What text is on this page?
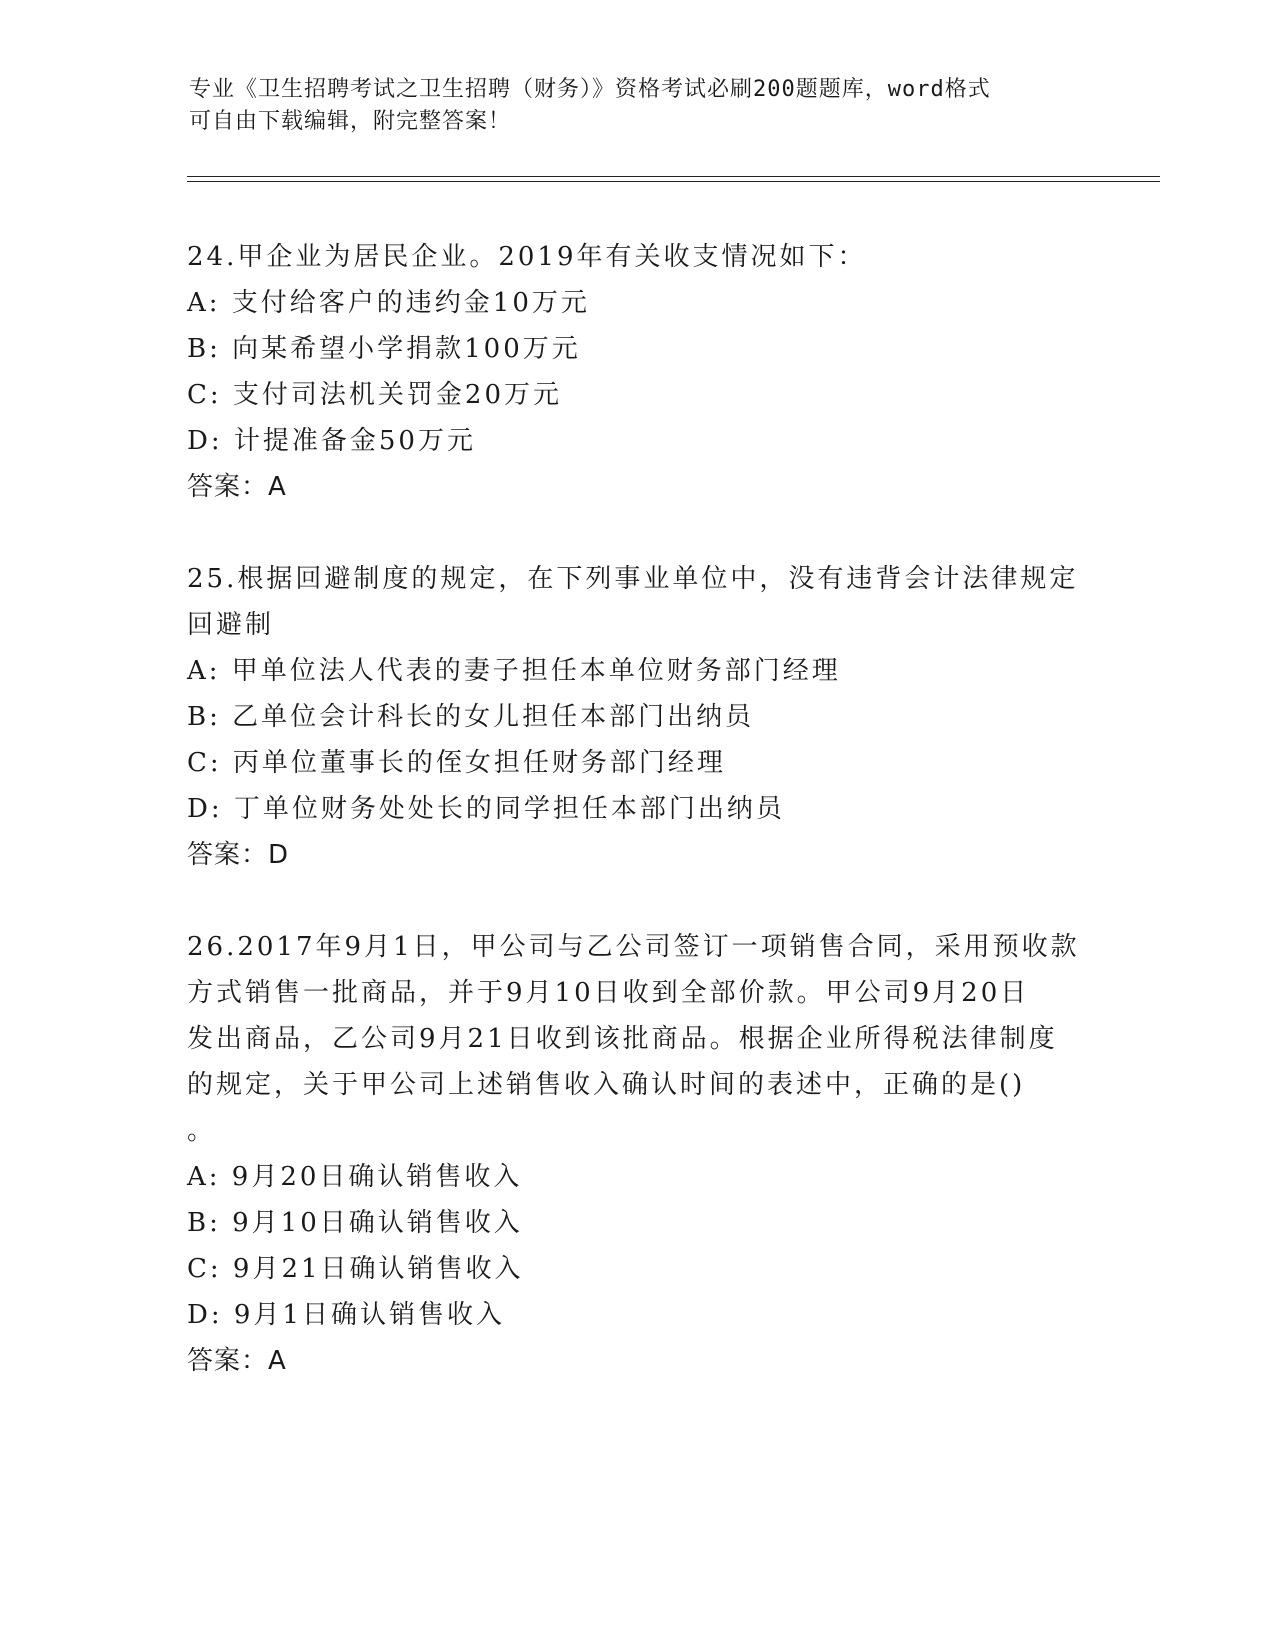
专业《卫生招聘考试之卫生招聘（财务）》资格考试必刷200题题库，word格式
可自由下载编辑，附完整答案！
24.甲企业为居民企业。2019年有关收支情况如下：
A: 支付给客户的违约金10万元
B: 向某希望小学捐款100万元
C: 支付司法机关罚金20万元
D: 计提准备金50万元
答案：A
25.根据回避制度的规定，在下列事业单位中，没有违背会计法律规定
回避制
A: 甲单位法人代表的妻子担任本单位财务部门经理
B: 乙单位会计科长的女儿担任本部门出纳员
C: 丙单位董事长的侄女担任财务部门经理
D: 丁单位财务处处长的同学担任本部门出纳员
答案：D
26.2017年9月1日，甲公司与乙公司签订一项销售合同，采用预收款
方式销售一批商品，并于9月10日收到全部价款。甲公司9月20日
发出商品，乙公司9月21日收到该批商品。根据企业所得税法律制度
的规定，关于甲公司上述销售收入确认时间的表述中，正确的是()
。
A: 9月20日确认销售收入
B: 9月10日确认销售收入
C: 9月21日确认销售收入
D: 9月1日确认销售收入
答案：A
